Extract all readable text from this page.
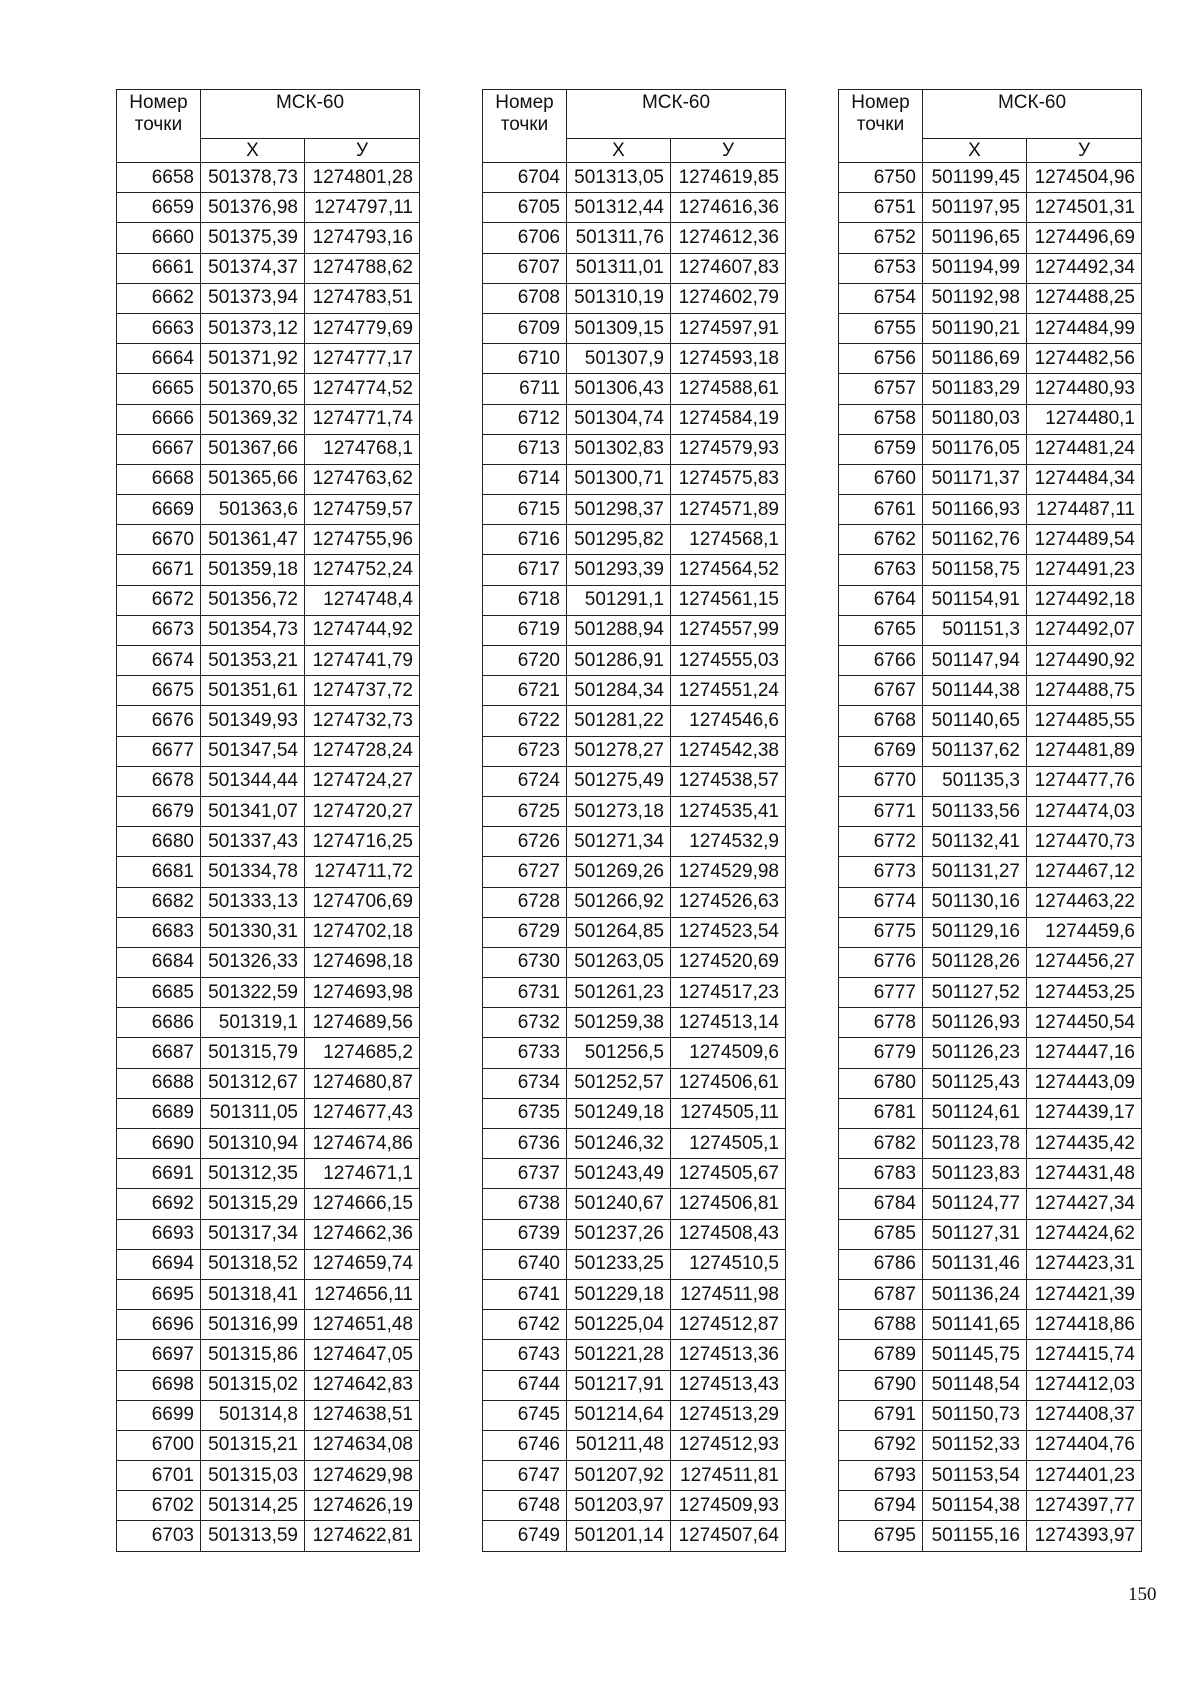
Номер
точки	МСК-60	
	Х	У
6658	501378,73	1274801,28
6659	501376,98	1274797,11
6660	501375,39	1274793,16
6661	501374,37	1274788,62
6662	501373,94	1274783,51
6663	501373,12	1274779,69
6664	501371,92	1274777,17
6665	501370,65	1274774,52
6666	501369,32	1274771,74
6667	501367,66	1274768,1
6668	501365,66	1274763,62
6669	501363,6	1274759,57
6670	501361,47	1274755,96
6671	501359,18	1274752,24
6672	501356,72	1274748,4
6673	501354,73	1274744,92
6674	501353,21	1274741,79
6675	501351,61	1274737,72
6676	501349,93	1274732,73
6677	501347,54	1274728,24
6678	501344,44	1274724,27
6679	501341,07	1274720,27
6680	501337,43	1274716,25
6681	501334,78	1274711,72
6682	501333,13	1274706,69
6683	501330,31	1274702,18
6684	501326,33	1274698,18
6685	501322,59	1274693,98
6686	501319,1	1274689,56
6687	501315,79	1274685,2
6688	501312,67	1274680,87
6689	501311,05	1274677,43
6690	501310,94	1274674,86
6691	501312,35	1274671,1
6692	501315,29	1274666,15
6693	501317,34	1274662,36
6694	501318,52	1274659,74
6695	501318,41	1274656,11
6696	501316,99	1274651,48
6697	501315,86	1274647,05
6698	501315,02	1274642,83
6699	501314,8	1274638,51
6700	501315,21	1274634,08
6701	501315,03	1274629,98
6702	501314,25	1274626,19
6703	501313,59	1274622,81
Номер
точки	МСК-60	
	Х	У
6704	501313,05	1274619,85
6705	501312,44	1274616,36
6706	501311,76	1274612,36
6707	501311,01	1274607,83
6708	501310,19	1274602,79
6709	501309,15	1274597,91
6710	501307,9	1274593,18
6711	501306,43	1274588,61
6712	501304,74	1274584,19
6713	501302,83	1274579,93
6714	501300,71	1274575,83
6715	501298,37	1274571,89
6716	501295,82	1274568,1
6717	501293,39	1274564,52
6718	501291,1	1274561,15
6719	501288,94	1274557,99
6720	501286,91	1274555,03
6721	501284,34	1274551,24
6722	501281,22	1274546,6
6723	501278,27	1274542,38
6724	501275,49	1274538,57
6725	501273,18	1274535,41
6726	501271,34	1274532,9
6727	501269,26	1274529,98
6728	501266,92	1274526,63
6729	501264,85	1274523,54
6730	501263,05	1274520,69
6731	501261,23	1274517,23
6732	501259,38	1274513,14
6733	501256,5	1274509,6
6734	501252,57	1274506,61
6735	501249,18	1274505,11
6736	501246,32	1274505,1
6737	501243,49	1274505,67
6738	501240,67	1274506,81
6739	501237,26	1274508,43
6740	501233,25	1274510,5
6741	501229,18	1274511,98
6742	501225,04	1274512,87
6743	501221,28	1274513,36
6744	501217,91	1274513,43
6745	501214,64	1274513,29
6746	501211,48	1274512,93
6747	501207,92	1274511,81
6748	501203,97	1274509,93
6749	501201,14	1274507,64
Номер
точки	МСК-60	
	Х	У
6750	501199,45	1274504,96
6751	501197,95	1274501,31
6752	501196,65	1274496,69
6753	501194,99	1274492,34
6754	501192,98	1274488,25
6755	501190,21	1274484,99
6756	501186,69	1274482,56
6757	501183,29	1274480,93
6758	501180,03	1274480,1
6759	501176,05	1274481,24
6760	501171,37	1274484,34
6761	501166,93	1274487,11
6762	501162,76	1274489,54
6763	501158,75	1274491,23
6764	501154,91	1274492,18
6765	501151,3	1274492,07
6766	501147,94	1274490,92
6767	501144,38	1274488,75
6768	501140,65	1274485,55
6769	501137,62	1274481,89
6770	501135,3	1274477,76
6771	501133,56	1274474,03
6772	501132,41	1274470,73
6773	501131,27	1274467,12
6774	501130,16	1274463,22
6775	501129,16	1274459,6
6776	501128,26	1274456,27
6777	501127,52	1274453,25
6778	501126,93	1274450,54
6779	501126,23	1274447,16
6780	501125,43	1274443,09
6781	501124,61	1274439,17
6782	501123,78	1274435,42
6783	501123,83	1274431,48
6784	501124,77	1274427,34
6785	501127,31	1274424,62
6786	501131,46	1274423,31
6787	501136,24	1274421,39
6788	501141,65	1274418,86
6789	501145,75	1274415,74
6790	501148,54	1274412,03
6791	501150,73	1274408,37
6792	501152,33	1274404,76
6793	501153,54	1274401,23
6794	501154,38	1274397,77
6795	501155,16	1274393,97
150
